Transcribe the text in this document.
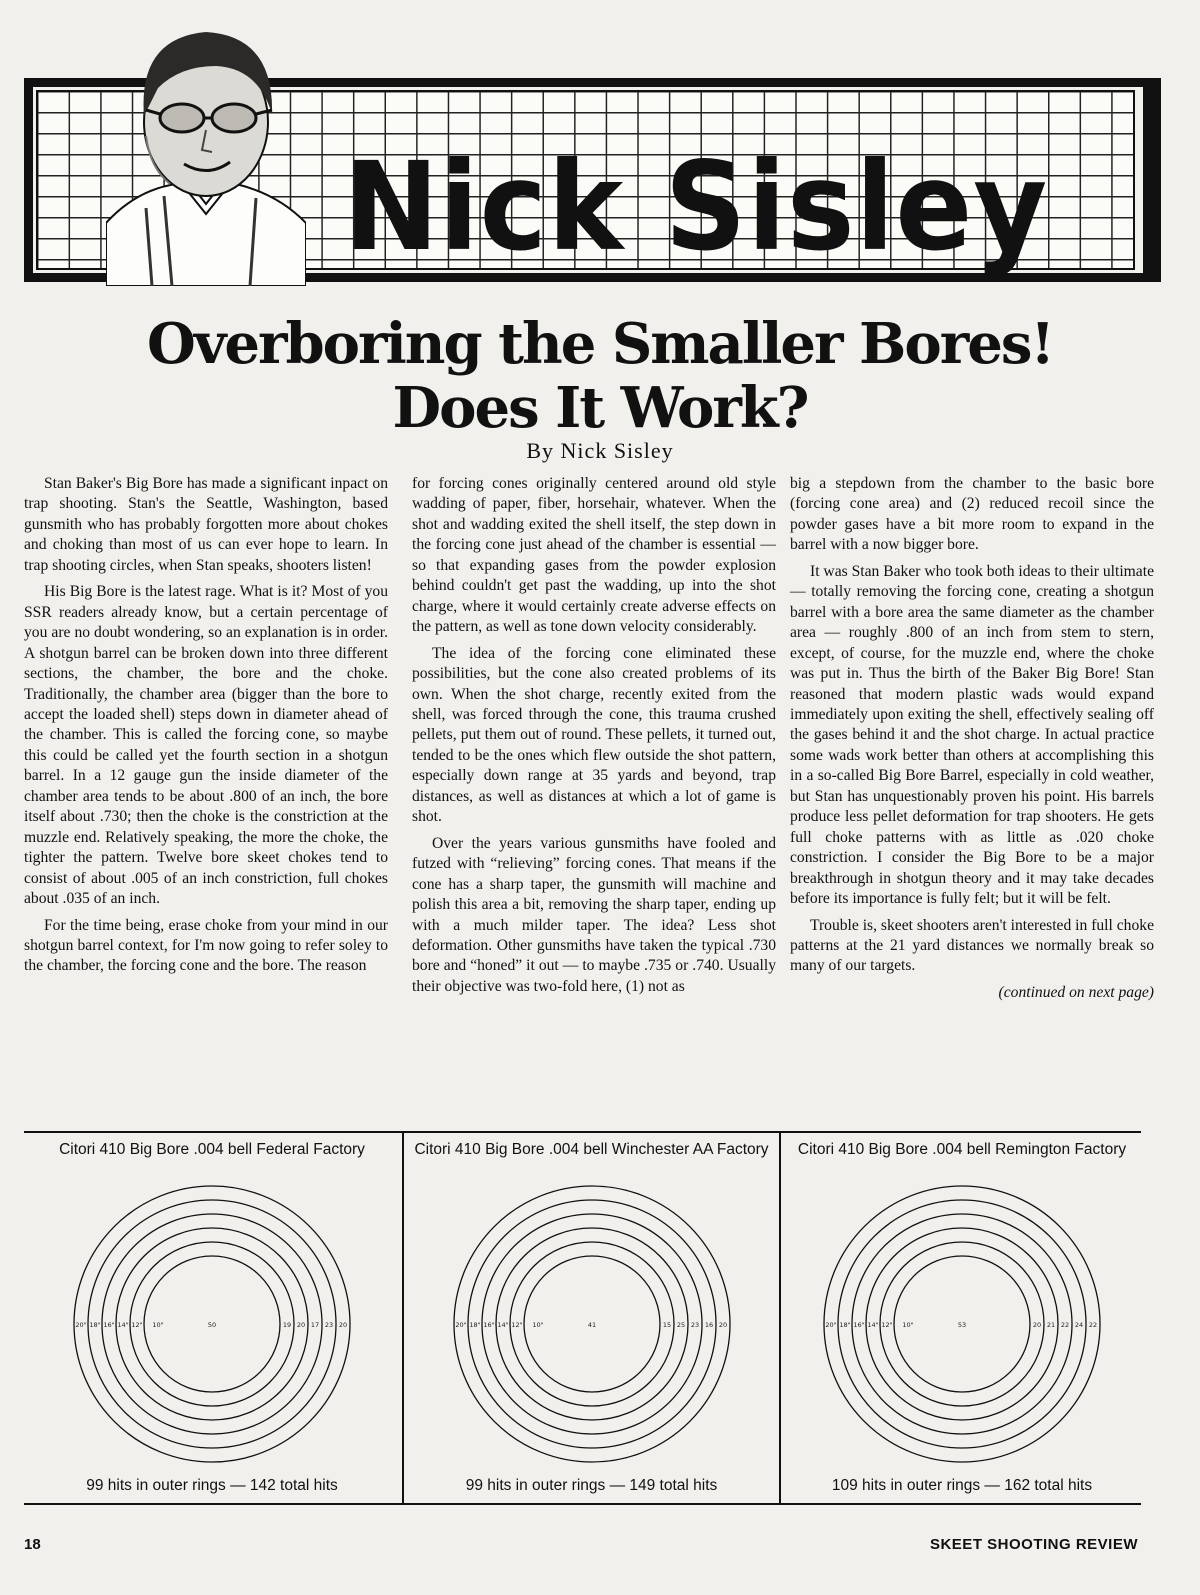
Nick Sisley
Overboring the Smaller Bores!
Does It Work?
By Nick Sisley

Stan Baker's Big Bore has made a significant inpact on trap shooting. Stan's the Seattle, Washington, based gunsmith who has probably forgotten more about chokes and choking than most of us can ever hope to learn. In trap shooting circles, when Stan speaks, shooters listen!

His Big Bore is the latest rage. What is it? Most of you SSR readers already know, but a certain percentage of you are no doubt wondering, so an explanation is in order. A shotgun barrel can be broken down into three different sections, the chamber, the bore and the choke. Traditionally, the chamber area (bigger than the bore to accept the loaded shell) steps down in diameter ahead of the chamber. This is called the forcing cone, so maybe this could be called yet the fourth section in a shotgun barrel. In a 12 gauge gun the inside diameter of the chamber area tends to be about .800 of an inch, the bore itself about .730; then the choke is the constriction at the muzzle end. Relatively speaking, the more the choke, the tighter the pattern. Twelve bore skeet chokes tend to consist of about .005 of an inch constriction, full chokes about .035 of an inch.

For the time being, erase choke from your mind in our shotgun barrel context, for I'm now going to refer soley to the chamber, the forcing cone and the bore. The reason

for forcing cones originally centered around old style wadding of paper, fiber, horsehair, whatever. When the shot and wadding exited the shell itself, the step down in the forcing cone just ahead of the chamber is essential — so that expanding gases from the powder explosion behind couldn't get past the wadding, up into the shot charge, where it would certainly create adverse effects on the pattern, as well as tone down velocity considerably.

The idea of the forcing cone eliminated these possibilities, but the cone also created problems of its own. When the shot charge, recently exited from the shell, was forced through the cone, this trauma crushed pellets, put them out of round. These pellets, it turned out, tended to be the ones which flew outside the shot pattern, especially down range at 35 yards and beyond, trap distances, as well as distances at which a lot of game is shot.

Over the years various gunsmiths have fooled and futzed with “relieving” forcing cones. That means if the cone has a sharp taper, the gunsmith will machine and polish this area a bit, removing the sharp taper, ending up with a much milder taper. The idea? Less shot deformation. Other gunsmiths have taken the typical .730 bore and “honed” it out — to maybe .735 or .740. Usually their objective was two-fold here, (1) not as

big a stepdown from the chamber to the basic bore (forcing cone area) and (2) reduced recoil since the powder gases have a bit more room to expand in the barrel with a now bigger bore.

It was Stan Baker who took both ideas to their ultimate — totally removing the forcing cone, creating a shotgun barrel with a bore area the same diameter as the chamber area — roughly .800 of an inch from stem to stern, except, of course, for the muzzle end, where the choke was put in. Thus the birth of the Baker Big Bore! Stan reasoned that modern plastic wads would expand immediately upon exiting the shell, effectively sealing off the gases behind it and the shot charge. In actual practice some wads work better than others at accomplishing this in a so-called Big Bore Barrel, especially in cold weather, but Stan has unquestionably proven his point. His barrels produce less pellet deformation for trap shooters. He gets full choke patterns with as little as .020 choke constriction. I consider the Big Bore to be a major breakthrough in shotgun theory and it may take decades before its importance is fully felt; but it will be felt.

Trouble is, skeet shooters aren't interested in full choke patterns at the 21 yard distances we normally break so many of our targets.

(continued on next page)

Citori 410 Big Bore .004 bell Federal Factory
20" 18" 16" 14" 12" 10"	50	19 20 17 23 20
99 hits in outer rings — 142 total hits
Citori 410 Big Bore .004 bell Winchester AA Factory
20" 18" 16" 14" 12" 10"	41	15 25 23 16 20
99 hits in outer rings — 149 total hits
Citori 410 Big Bore .004 bell Remington Factory
20" 18" 16" 14" 12" 10"	53	20 21 22 24 22
109 hits in outer rings — 162 total hits
18	SKEET SHOOTING REVIEW
